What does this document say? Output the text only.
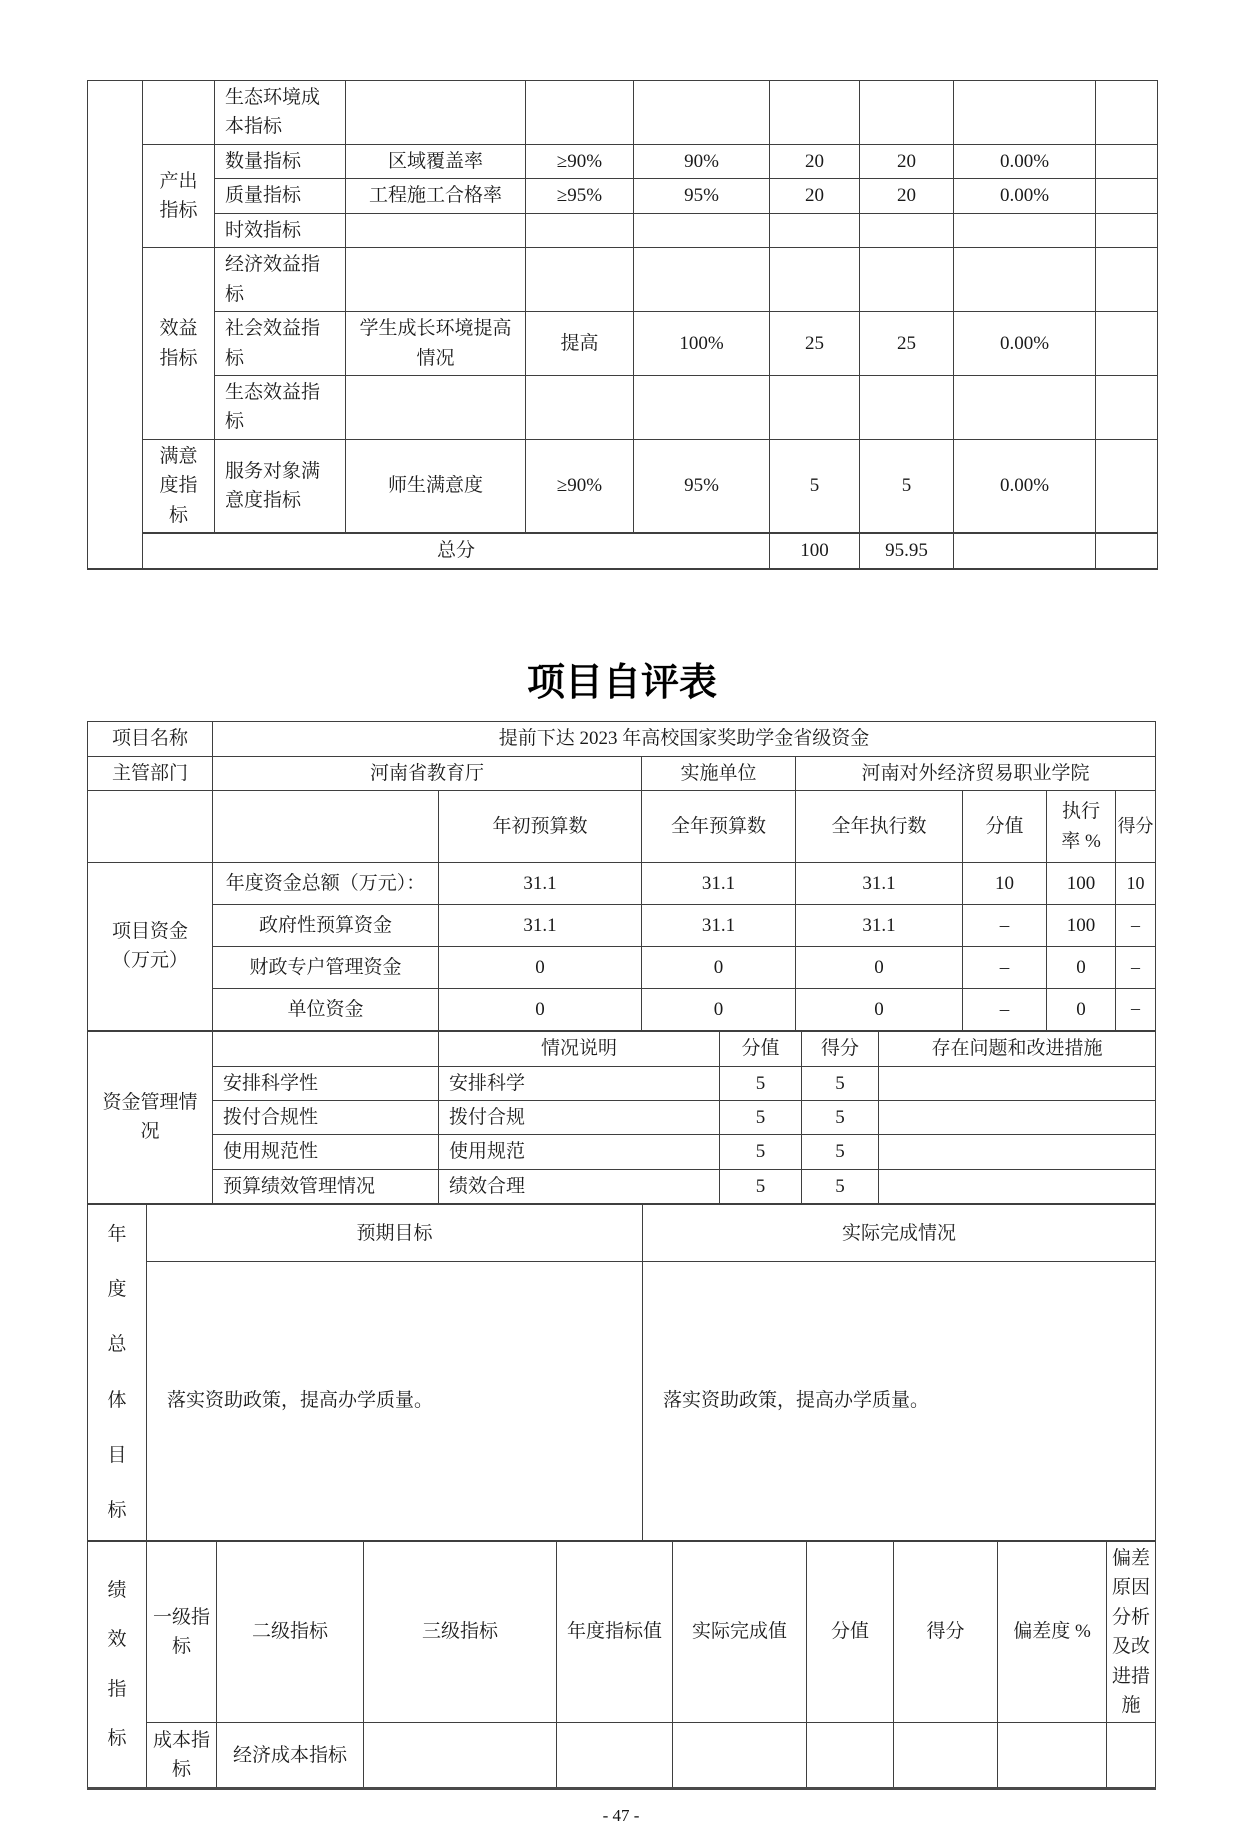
		生态环境成本指标							
	产出指标	数量指标	区域覆盖率	≥90%	90%	20	20	0.00%	
		质量指标	工程施工合格率	≥95%	95%	20	20	0.00%	
		时效指标							
	效益指标	经济效益指标							
		社会效益指标	学生成长环境提高情况	提高	100%	25	25	0.00%	
		生态效益指标							
	满意度指标	服务对象满意度指标	师生满意度	≥90%	95%	5	5	0.00%	
	总分					100	95.95		
项目自评表
项目名称	提前下达 2023 年高校国家奖助学金省级资金		
主管部门	河南省教育厅	实施单位	河南对外经济贸易职业学院
		年初预算数	全年预算数	全年执行数	分值	执行率 %	得分
项目资金（万元）	年度资金总额（万元）：	31.1	31.1	31.1	10	100	10
	政府性预算资金	31.1	31.1	31.1	–	100	–
	财政专户管理资金	0	0	0	–	0	–
	单位资金	0	0	0	–	0	–
资金管理情况		情况说明	分值	得分	存在问题和改进措施
	安排科学性	安排科学	5	5	
	拨付合规性	拨付合规	5	5	
	使用规范性	使用规范	5	5	
	预算绩效管理情况	绩效合理	5	5	
年度总体目标	预期目标	实际完成情况
	落实资助政策，提高办学质量。	落实资助政策，提高办学质量。
绩效指标	一级指标	二级指标	三级指标	年度指标值	实际完成值	分值	得分	偏差度 %	偏差原因分析及改进措施
	成本指标	经济成本指标							
- 47 -
